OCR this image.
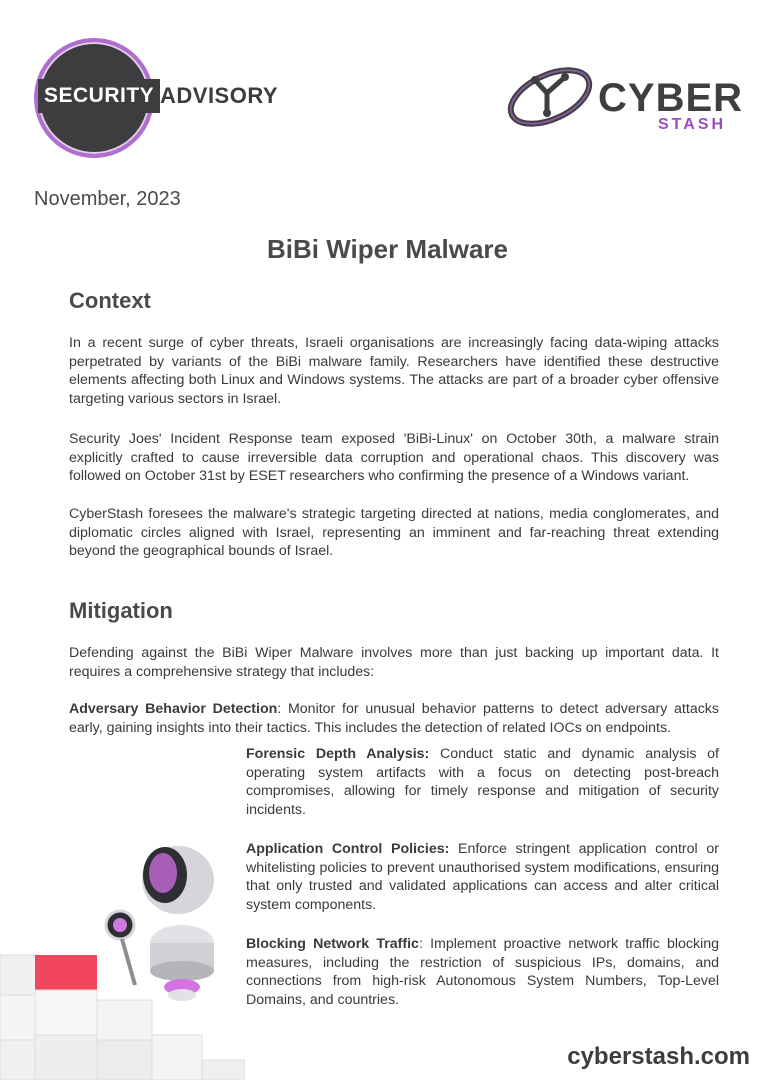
SECURITY ADVISORY	CYBER
STASH
November, 2023
BiBi Wiper Malware
Context
In a recent surge of cyber threats, Israeli organisations are increasingly facing data-wiping attacks perpetrated by variants of the BiBi malware family. Researchers have identified these destructive elements affecting both Linux and Windows systems. The attacks are part of a broader cyber offensive targeting various sectors in Israel.
Security Joes' Incident Response team exposed 'BiBi-Linux' on October 30th, a malware strain explicitly crafted to cause irreversible data corruption and operational chaos. This discovery was followed on October 31st by ESET researchers who confirming the presence of a Windows variant.
CyberStash foresees the malware's strategic targeting directed at nations, media conglomerates, and diplomatic circles aligned with Israel, representing an imminent and far-reaching threat extending beyond the geographical bounds of Israel.
Mitigation
Defending against the BiBi Wiper Malware involves more than just backing up important data. It requires a comprehensive strategy that includes:
Adversary Behavior Detection: Monitor for unusual behavior patterns to detect adversary attacks early, gaining insights into their tactics. This includes the detection of related IOCs on endpoints.
Forensic Depth Analysis: Conduct static and dynamic analysis of operating system artifacts with a focus on detecting post-breach compromises, allowing for timely response and mitigation of security incidents.
Application Control Policies: Enforce stringent application control or whitelisting policies to prevent unauthorised system modifications, ensuring that only trusted and validated applications can access and alter critical system components.
Blocking Network Traffic: Implement proactive network traffic blocking measures, including the restriction of suspicious IPs, domains, and connections from high-risk Autonomous System Numbers, Top-Level Domains, and countries.
cyberstash.com
